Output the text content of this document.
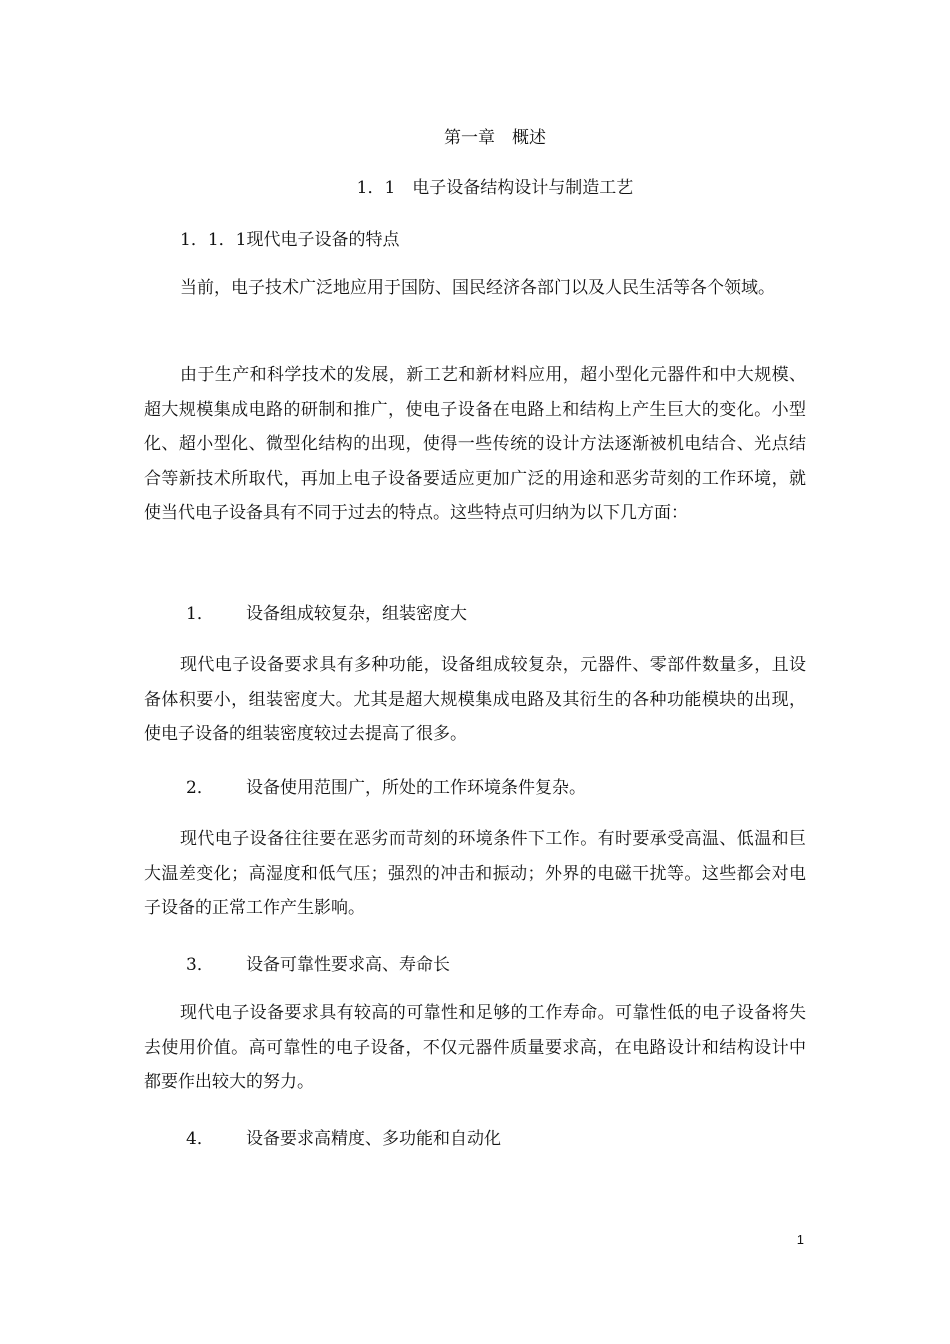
第一章　概述
1．1　电子设备结构设计与制造工艺
1．1．1现代电子设备的特点

当前，电子技术广泛地应用于国防、国民经济各部门以及人民生活等各个领域。

由于生产和科学技术的发展，新工艺和新材料应用，超小型化元器件和中大规模、超大规模集成电路的研制和推广，使电子设备在电路上和结构上产生巨大的变化。小型化、超小型化、微型化结构的出现，使得一些传统的设计方法逐渐被机电结合、光点结合等新技术所取代，再加上电子设备要适应更加广泛的用途和恶劣苛刻的工作环境，就使当代电子设备具有不同于过去的特点。这些特点可归纳为以下几方面：

1． 设备组成较复杂，组装密度大

现代电子设备要求具有多种功能，设备组成较复杂，元器件、零部件数量多，且设备体积要小，组装密度大。尤其是超大规模集成电路及其衍生的各种功能模块的出现，使电子设备的组装密度较过去提高了很多。

2． 设备使用范围广，所处的工作环境条件复杂。

现代电子设备往往要在恶劣而苛刻的环境条件下工作。有时要承受高温、低温和巨大温差变化；高湿度和低气压；强烈的冲击和振动；外界的电磁干扰等。这些都会对电子设备的正常工作产生影响。

3． 设备可靠性要求高、寿命长

现代电子设备要求具有较高的可靠性和足够的工作寿命。可靠性低的电子设备将失去使用价值。高可靠性的电子设备，不仅元器件质量要求高，在电路设计和结构设计中都要作出较大的努力。

4． 设备要求高精度、多功能和自动化
1
